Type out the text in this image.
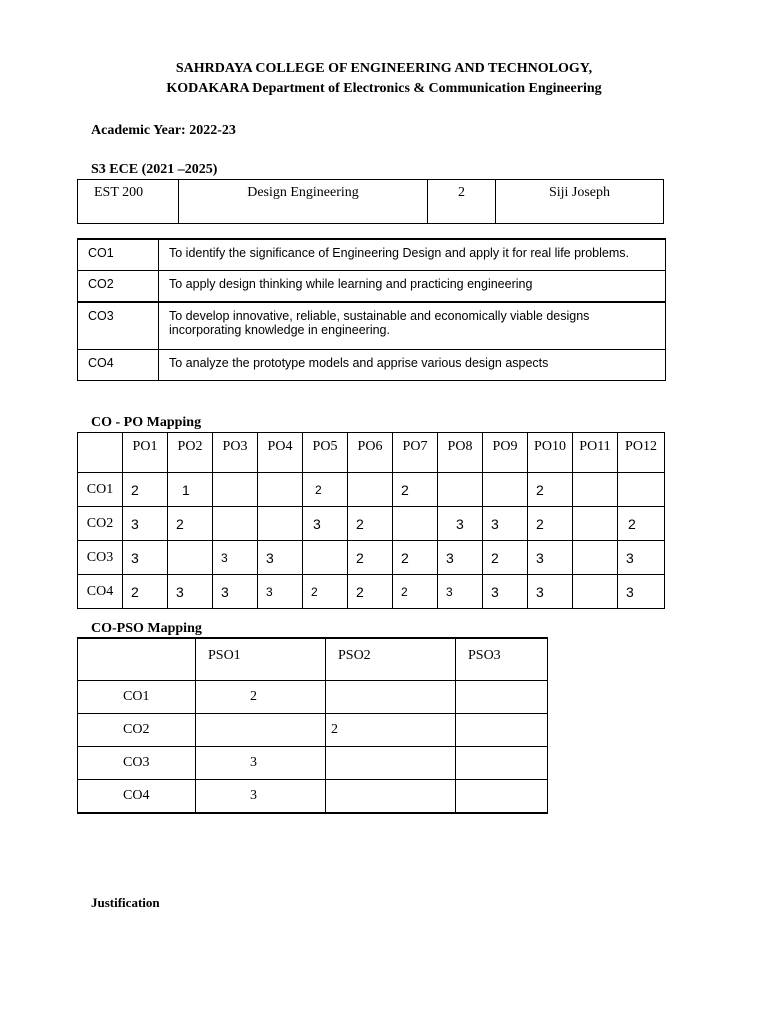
SAHRDAYA COLLEGE OF ENGINEERING AND TECHNOLOGY,
KODAKARA Department of Electronics & Communication Engineering
Academic Year: 2022-23
S3 ECE (2021 –2025)
EST 200	Design Engineering	2	Siji Joseph
CO1	To identify the significance of Engineering Design and apply it for real life problems.
CO2	To apply design thinking while learning and practicing engineering
CO3	To develop innovative, reliable, sustainable and economically viable designs incorporating knowledge in engineering.
CO4	To analyze the prototype models and apprise various design aspects
CO - PO Mapping
	PO1	PO2	PO3	PO4	PO5	PO6	PO7	PO8	PO9	PO10	PO11	PO12
CO1	2	1			2		2			2		
CO2	3	2			3	2		3	3	2		2
CO3	3		3	3		2	2	3	2	3		3
CO4	2	3	3	3	2	2	2	3	3	3		3
CO-PSO Mapping
	PSO1	PSO2	PSO3
CO1	2		
CO2		2	
CO3	3		
CO4	3		
Justification
